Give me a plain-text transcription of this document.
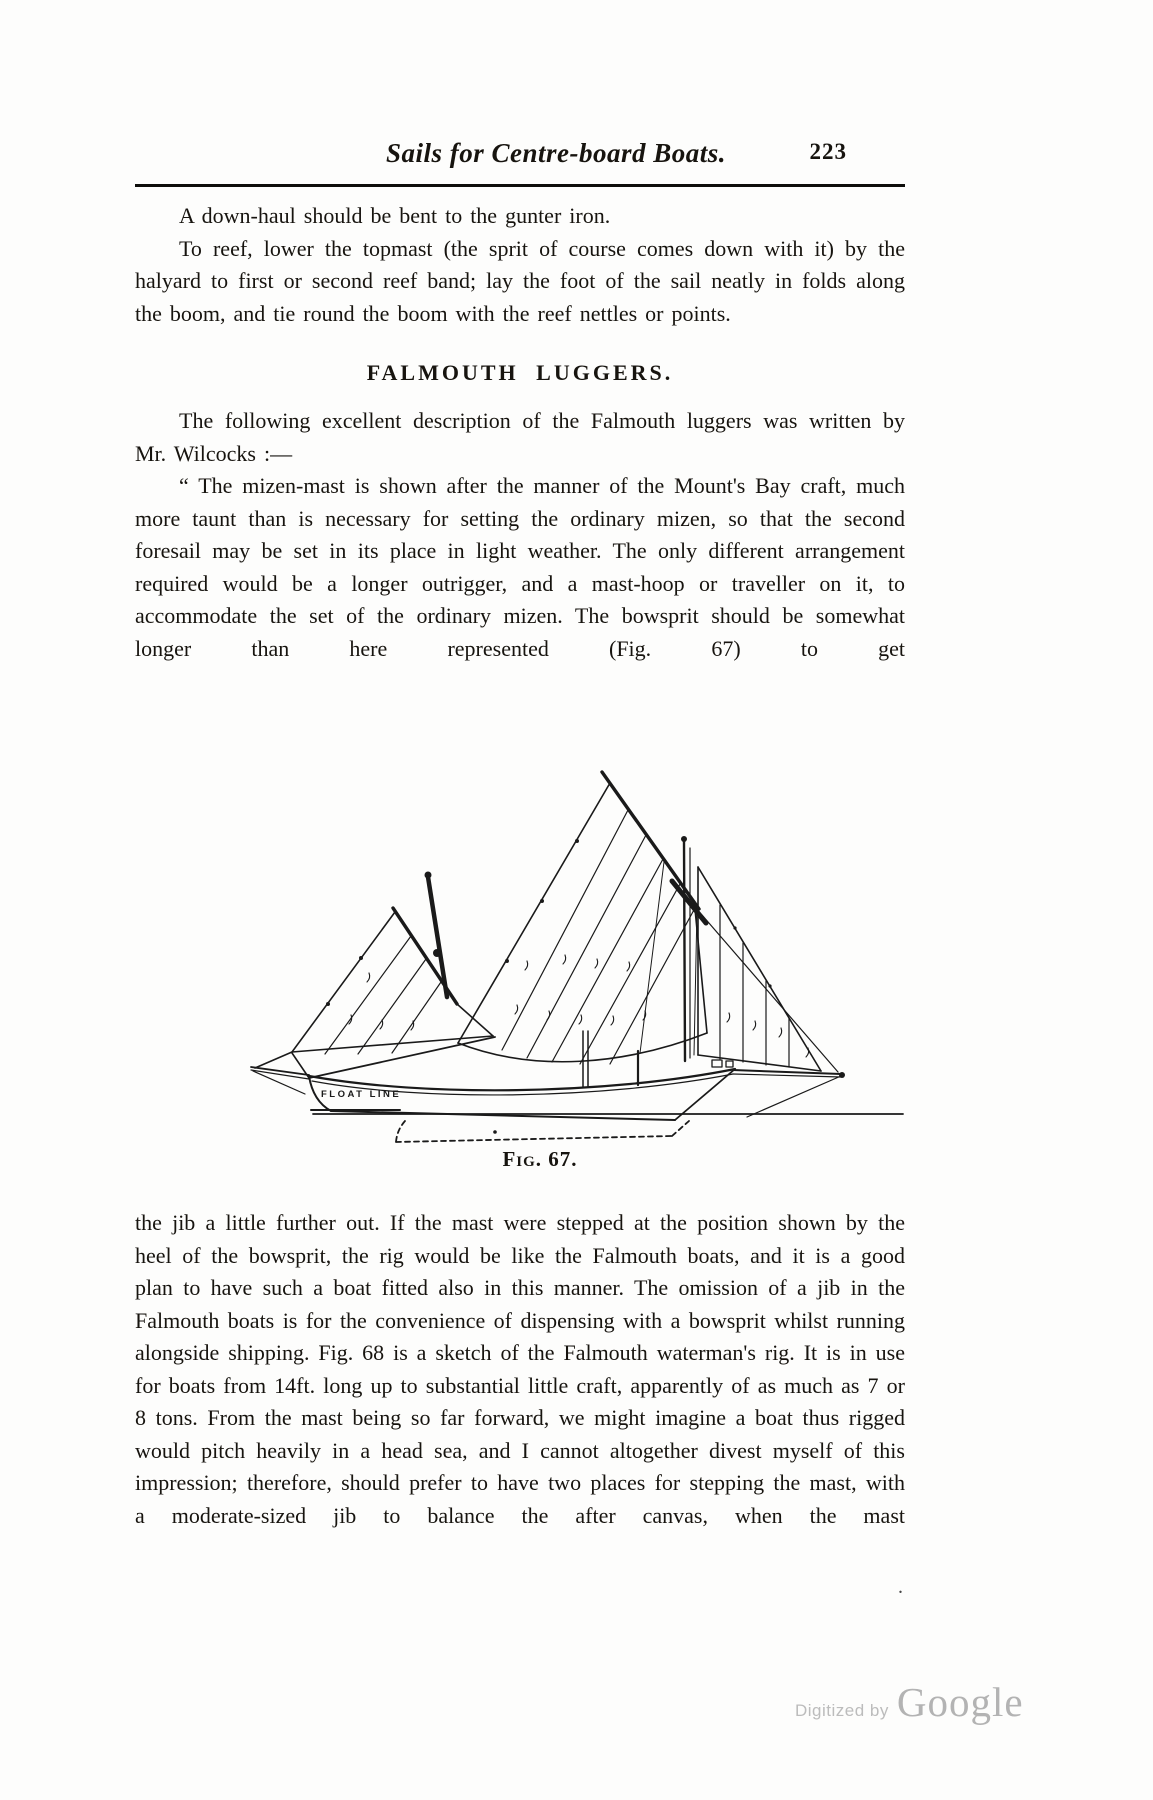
Sails for Centre-board Boats.	223

A down-haul should be bent to the gunter iron.

To reef, lower the topmast (the sprit of course comes down with it) by the halyard to first or second reef band; lay the foot of the sail neatly in folds along the boom, and tie round the boom with the reef nettles or points.

FALMOUTH LUGGERS.

The following excellent description of the Falmouth luggers was written by Mr. Wilcocks :—

“ The mizen-mast is shown after the manner of the Mount's Bay craft, much more taunt than is necessary for setting the ordinary mizen, so that the second foresail may be set in its place in light weather. The only different arrangement required would be a longer outrigger, and a mast-hoop or traveller on it, to accommodate the set of the ordinary mizen. The bowsprit should be somewhat longer than here represented (Fig. 67) to get

FLOAT LINE
Fig. 67.

the jib a little further out. If the mast were stepped at the position shown by the heel of the bowsprit, the rig would be like the Falmouth boats, and it is a good plan to have such a boat fitted also in this manner. The omission of a jib in the Falmouth boats is for the convenience of dispensing with a bowsprit whilst running alongside shipping. Fig. 68 is a sketch of the Falmouth waterman's rig. It is in use for boats from 14ft. long up to substantial little craft, apparently of as much as 7 or 8 tons. From the mast being so far forward, we might imagine a boat thus rigged would pitch heavily in a head sea, and I cannot altogether divest myself of this impression; therefore, should prefer to have two places for stepping the mast, with a moderate-sized jib to balance the after canvas, when the mast

.
Digitized by Google
